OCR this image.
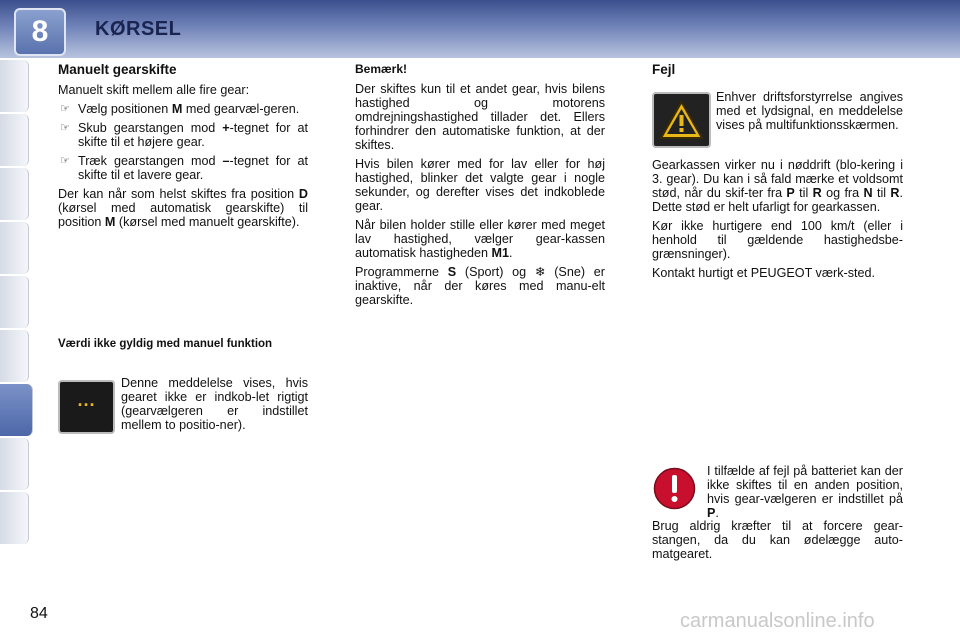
8	KØRSEL
Manuelt gearskifte

Manuelt skift mellem alle fire gear:

☞ Vælg positionen M med gearvæl-geren.
☞ Skub gearstangen mod +-tegnet for at skifte til et højere gear.
☞ Træk gearstangen mod –-tegnet for at skifte til et lavere gear.

Der kan når som helst skiftes fra position D (kørsel med automatisk gearskifte) til position M (kørsel med manuelt gearskifte).

Værdi ikke gyldig med manuel funktion
···

Denne meddelelse vises, hvis gearet ikke er indkob-let rigtigt (gearvælgeren er indstillet mellem to positio-ner).

Bemærk!

Der skiftes kun til et andet gear, hvis bilens hastighed og motorens omdrejningshastighed tillader det. Ellers forhindrer den automatiske funktion, at der skiftes.

Hvis bilen kører med for lav eller for høj hastighed, blinker det valgte gear i nogle sekunder, og derefter vises det indkoblede gear.

Når bilen holder stille eller kører med meget lav hastighed, vælger gear-kassen automatisk hastigheden M1.

Programmerne S (Sport) og ❄ (Sne) er inaktive, når der køres med manu-elt gearskifte.

Fejl

Enhver driftsforstyrrelse angives med et lydsignal, en meddelelse vises på multifunktionsskærmen.

Gearkassen virker nu i nøddrift (blo-kering i 3. gear). Du kan i så fald mærke et voldsomt stød, når du skif-ter fra P til R og fra N til R. Dette stød er helt ufarligt for gearkassen.

Kør ikke hurtigere end 100 km/t (eller i henhold til gældende hastighedsbe-grænsninger).

Kontakt hurtigt et PEUGEOT værk-sted.

I tilfælde af fejl på batteriet kan der ikke skiftes til en anden position, hvis gear-vælgeren er indstillet på P.

Brug aldrig kræfter til at forcere gear-stangen, da du kan ødelægge auto-matgearet.

84	carmanualsonline.info
